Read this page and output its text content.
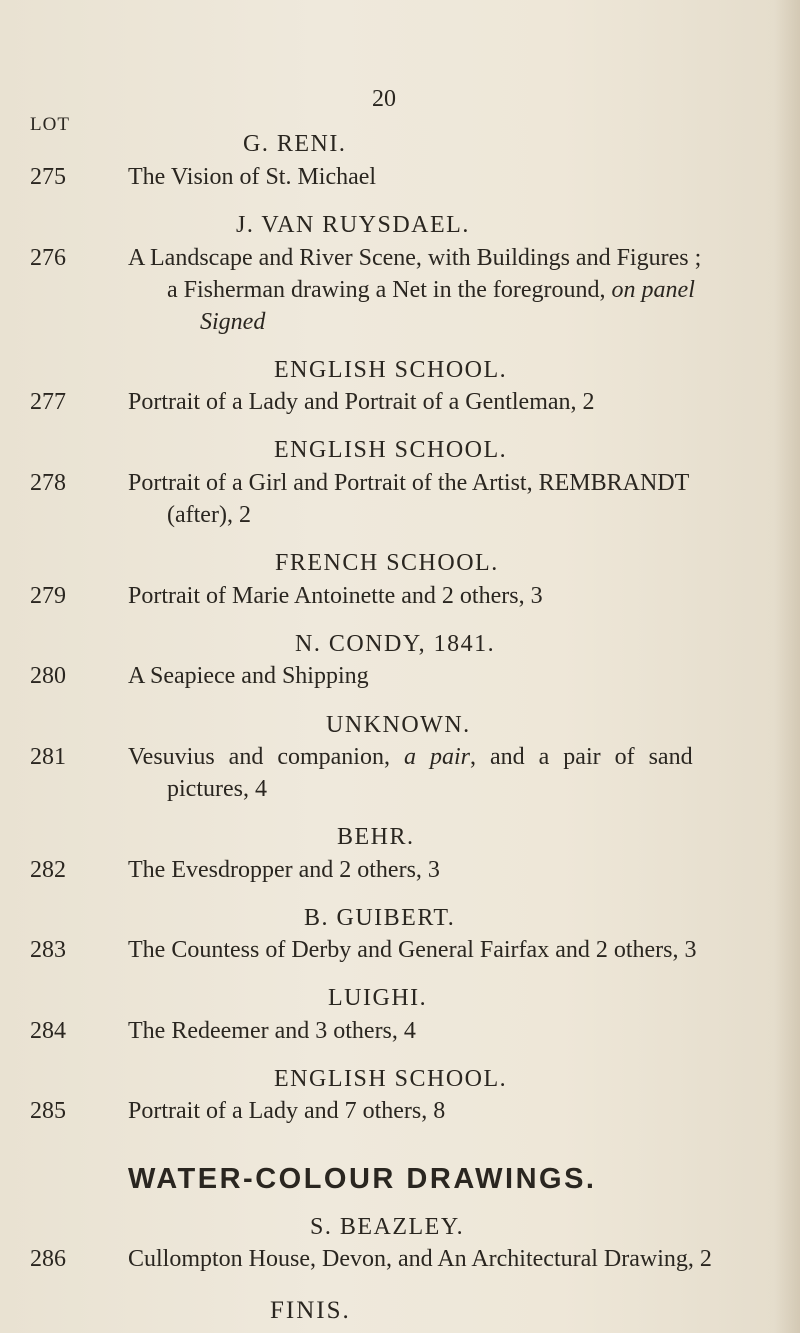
20
LOT
G. RENI.
275	The Vision of St. Michael
J. VAN RUYSDAEL.
276	A Landscape and River Scene, with Buildings and Figures ;
a Fisherman drawing a Net in the foreground, on panel
Signed
ENGLISH SCHOOL.
277	Portrait of a Lady and Portrait of a Gentleman, 2
ENGLISH SCHOOL.
278	Portrait of a Girl and Portrait of the Artist, REMBRANDT
(after), 2
FRENCH SCHOOL.
279	Portrait of Marie Antoinette and 2 others, 3
N. CONDY, 1841.
280	A Seapiece and Shipping
UNKNOWN.
281	Vesuvius and companion, a pair, and a pair of sand
pictures, 4
BEHR.
282	The Evesdropper and 2 others, 3
B. GUIBERT.
283	The Countess of Derby and General Fairfax and 2 others, 3
LUIGHI.
284	The Redeemer and 3 others, 4
ENGLISH SCHOOL.
285	Portrait of a Lady and 7 others, 8
WATER-COLOUR DRAWINGS.
S. BEAZLEY.
286	Cullompton House, Devon, and An Architectural Drawing, 2
FINIS.
